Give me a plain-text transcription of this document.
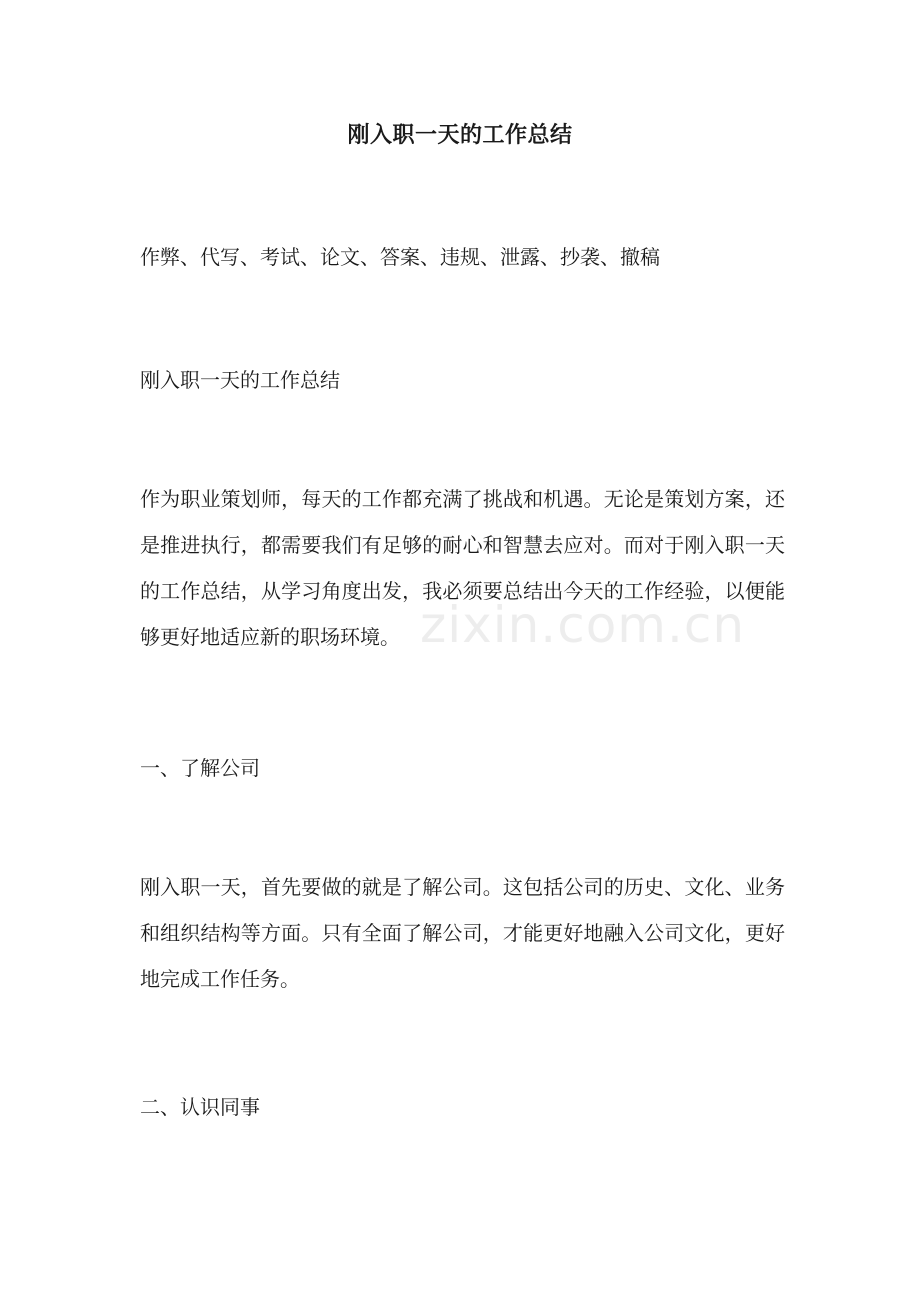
刚入职一天的工作总结
作弊、代写、考试、论文、答案、违规、泄露、抄袭、撤稿
刚入职一天的工作总结
作为职业策划师，每天的工作都充满了挑战和机遇。无论是策划方案，还是推进执行，都需要我们有足够的耐心和智慧去应对。而对于刚入职一天的工作总结，从学习角度出发，我必须要总结出今天的工作经验，以便能够更好地适应新的职场环境。
一、了解公司
刚入职一天，首先要做的就是了解公司。这包括公司的历史、文化、业务和组织结构等方面。只有全面了解公司，才能更好地融入公司文化，更好地完成工作任务。
二、认识同事
zixin.com.cn
